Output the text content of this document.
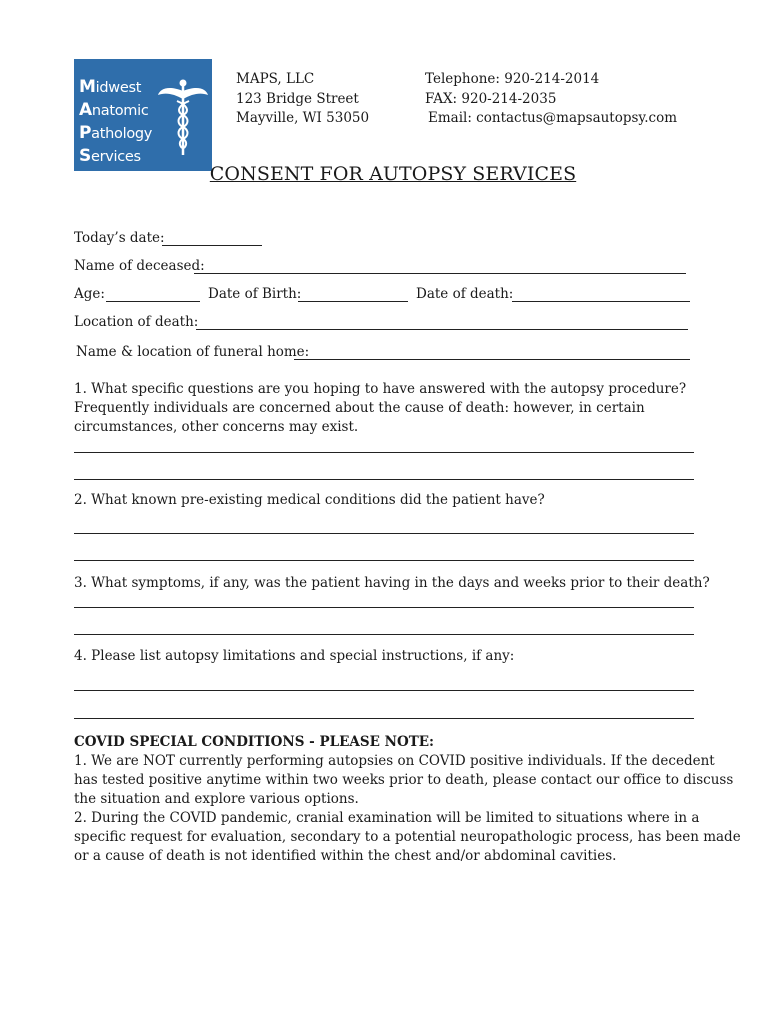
Midwest
Anatomic
Pathology
Services
MAPS, LLC
123 Bridge Street
Mayville, WI 53050
Telephone: 920-214-2014
FAX: 920-214-2035
Email: contactus@mapsautopsy.com
CONSENT FOR AUTOPSY SERVICES
Today’s date:
Name of deceased:
Age:	Date of Birth:	Date of death:
Location of death:
Name & location of funeral home:
1. What specific questions are you hoping to have answered with the autopsy procedure?
Frequently individuals are concerned about the cause of death: however, in certain
circumstances, other concerns may exist.
2. What known pre-existing medical conditions did the patient have?
3. What symptoms, if any, was the patient having in the days and weeks prior to their death?
4. Please list autopsy limitations and special instructions, if any:
COVID SPECIAL CONDITIONS - PLEASE NOTE:
1. We are NOT currently performing autopsies on COVID positive individuals. If the decedent
has tested positive anytime within two weeks prior to death, please contact our office to discuss
the situation and explore various options.
2. During the COVID pandemic, cranial examination will be limited to situations where in a
specific request for evaluation, secondary to a potential neuropathologic process, has been made
or a cause of death is not identified within the chest and/or abdominal cavities.
